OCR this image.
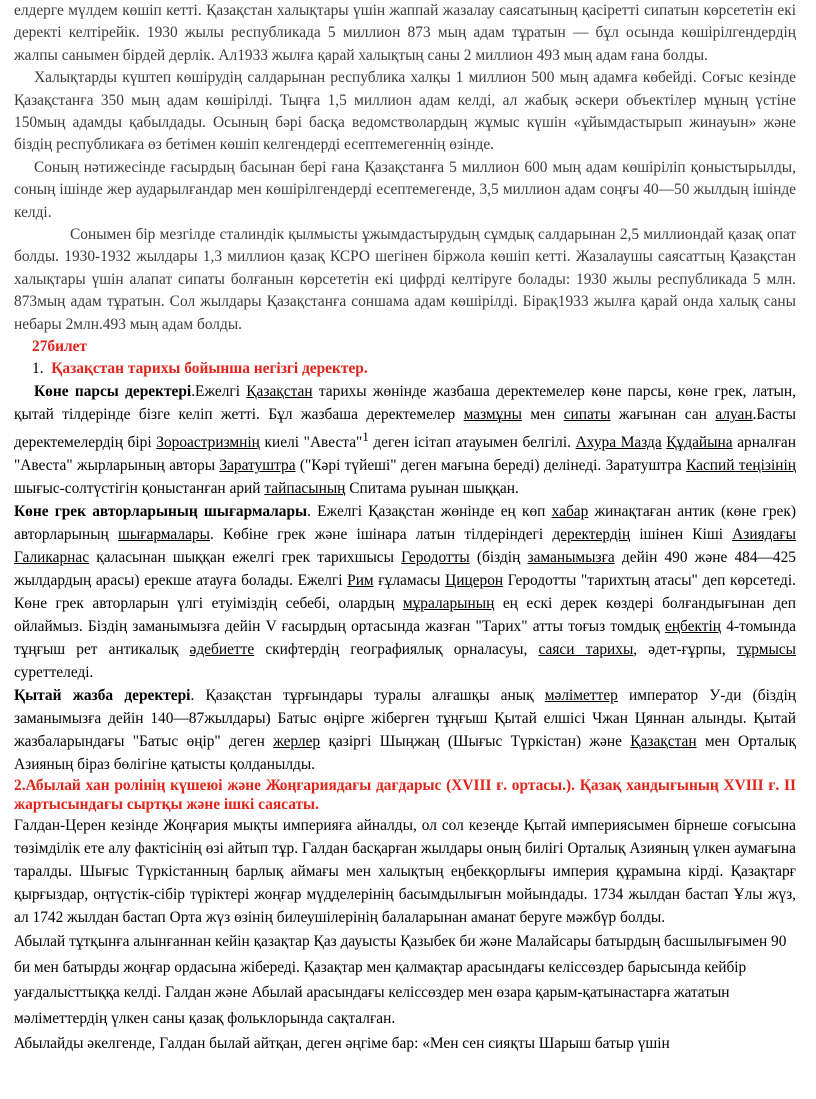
елдерге мүлдем көшіп кетті. Қазақстан халықтары үшін жаппай жазалау саясатының қасіретті сипатын көрсететін екі деректі келтірейік. 1930 жылы республикада 5 миллион 873 мың адам тұратын — бұл осында көшірілгендердің жалпы санымен бірдей дерлік. Ал1933 жылға қарай халықтың саны 2 миллион 493 мың адам ғана болды.

Халықтарды күштеп көшірудің салдарынан республика халқы 1 миллион 500 мың адамға көбейді. Соғыс кезінде Қазақстанға 350 мың адам көшірілді. Тыңға 1,5 миллион адам келді, ал жабық әскери объектілер мұның үстіне 150мың адамды қабылдады. Осының бәрі басқа ведомстволардың жұмыс күшін «ұйымдастырып жинауын» және біздің республикаға өз бетімен көшіп келгендерді есептемегеннің өзінде.

Соның нәтижесінде ғасырдың басынан бері ғана Қазақстанға 5 миллион 600 мың адам көшіріліп қоныстырылды, соның ішінде жер аударылғандар мен көшірілгендерді есептемегенде, 3,5 миллион адам соңғы 40—50 жылдың ішінде келді.

Сонымен бір мезгілде сталиндік қылмысты ұжымдастырудың сұмдық салдарынан 2,5 миллиондай қазақ опат болды. 1930-1932 жылдары 1,3 миллион қазақ КСРО шегінен біржола көшіп кетті. Жазалаушы саясаттың Қазақстан халықтары үшін алапат сипаты болғанын көрсететін екі цифрді келтіруге болады: 1930 жылы республикада 5 млн. 873мың адам тұратын. Сол жылдары Қазақстанға соншама адам көшірілді. Бірақ1933 жылға қарай онда халық саны небары 2млн.493 мың адам болды.

27билет

1. Қазақстан тарихы бойынша негізгі деректер.

Көне парсы деректері.Ежелгі Қазақстан тарихы жөнінде жазбаша деректемелер көне парсы, көне грек, латын, қытай тілдерінде бізге келіп жетті. Бұл жазбаша деректемелер мазмұны мен сипаты жағынан сан алуан.Басты деректемелердің бірі Зороастризмнің киелі "Авеста"$^1$ деген ісітап атауымен белгілі. Ахура Мазда Құдайына арналған "Авеста" жырларының авторы Заратуштра ("Кәрі түйеші" деген мағына береді) делінеді. Заратуштра Каспий теңізінің шығыс-солтүстігін қоныстанған арий тайпасының Спитама руынан шыққан.

Көне грек авторларының шығармалары. Ежелгі Қазақстан жөнінде ең көп хабар жинақтаған антик (көне грек) авторларының шығармалары. Көбіне грек және ішінара латын тілдеріндегі деректердің ішінен Кіші Азиядағы Галикарнас қаласынан шыққан ежелгі грек тарихшысы Геродотты (біздің заманымызға дейін 490 және 484—425 жылдардың арасы) ерекше атауға болады. Ежелгі Рим ғұламасы Цицерон Геродотты "тарихтың атасы" деп көрсетеді. Көне грек авторларын үлгі етуіміздің себебі, олардың мұраларының ең ескі дерек көздері болғандығынан деп ойлаймыз. Біздің заманымызға дейін V ғасырдың ортасында жазған "Тарих" атты тоғыз томдық еңбектің 4-томында тұңғыш рет антикалық әдебиетте скифтердің географиялық орналасуы, саяси тарихы, әдет-ғұрпы, тұрмысы суреттеледі.

Қытай жазба деректері. Қазақстан тұрғындары туралы алғашқы анық мәліметтер император У-ди (біздің заманымызға дейін 140—87жылдары) Батыс өңірге жіберген тұңғыш Қытай елшісі Чжан Цяннан алынды. Қытай жазбаларындағы "Батыс өңір" деген жерлер қазіргі Шыңжаң (Шығыс Түркістан) және Қазақстан мен Орталық Азияның біраз бөлігіне қатысты қолданылды.

2.Абылай хан ролінің күшеюі және Жоңғариядағы дағдарыс (XVIII ғ. ортасы.). Қазақ хандығының XVIII ғ. II жартысындағы сыртқы және ішкі саясаты.

Галдан-Церен кезінде Жоңғария мықты империяға айналды, ол сол кезеңде Қытай империясымен бірнеше соғысына төзімділік ете алу фактісінің өзі айтып тұр. Галдан басқарған жылдары оның билігі Орталық Азияның үлкен аумағына таралды. Шығыс Түркістанның барлық аймағы мен халықтың еңбекқорлығы империя құрамына кірді. Қазақтарғ қырғыздар, оңтүстік-сібір түріктері жоңғар мүдделерінің басымдылығын мойындады. 1734 жылдан бастап Ұлы жүз, ал 1742 жылдан бастап Орта жүз өзінің билеушілерінің балаларынан аманат беруге мәжбүр болды.

Абылай тұтқынға алынғаннан кейін қазақтар Қаз дауысты Қазыбек би және Малайсары батырдың басшылығымен 90 би мен батырды жоңғар ордасына жібереді. Қазақтар мен қалмақтар арасындағы келіссөздер барысында кейбір уағдалысттыққа келді. Галдан және Абылай арасындағы келіссөздер мен өзара қарым-қатынастарға жататын мәліметтердің үлкен саны қазақ фольклорында сақталған.

Абылайды әкелгенде, Галдан былай айтқан, деген әңгіме бар: «Мен сен сияқты Шарыш батыр үшін
